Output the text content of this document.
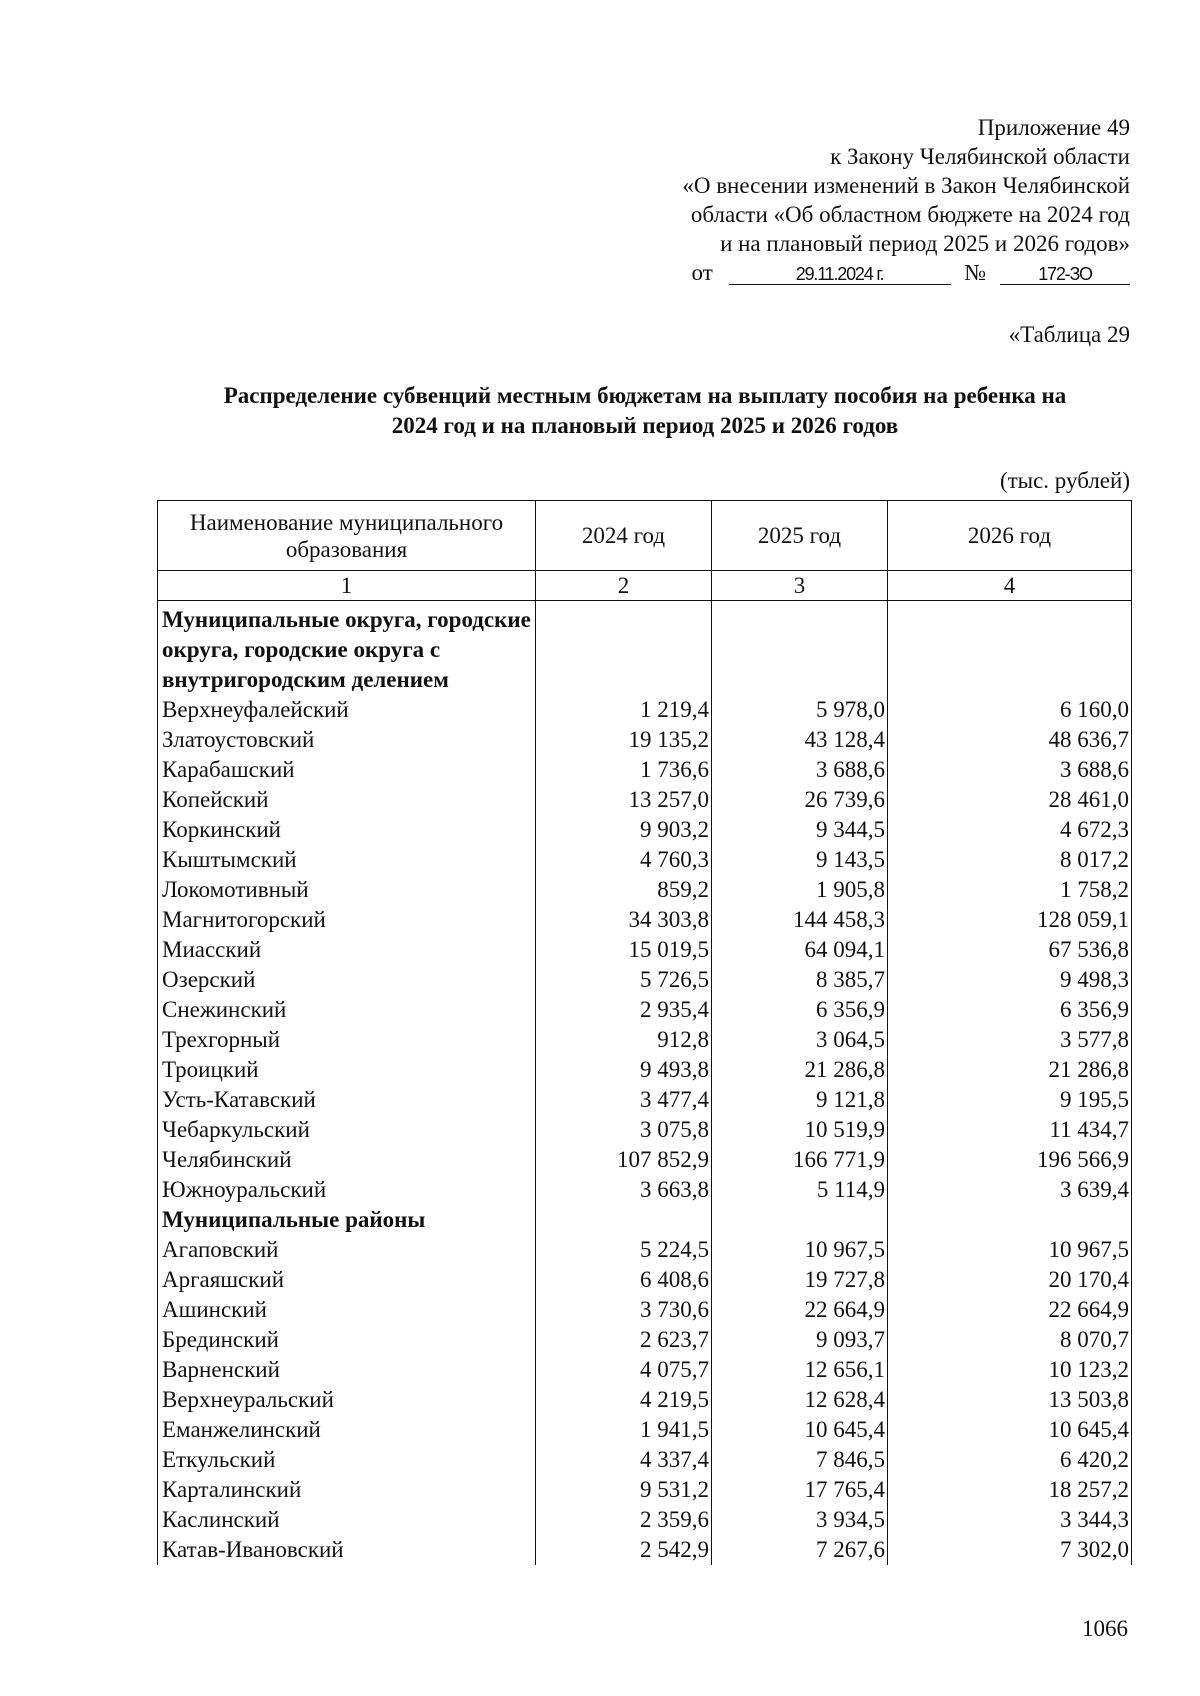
Приложение 49
к Закону Челябинской области
«О внесении изменений в Закон Челябинской
области «Об областном бюджете на 2024 год
и на плановый период 2025 и 2026 годов»
от	29.11.2024 г.	№	172-ЗО
«Таблица 29
Распределение субвенций местным бюджетам на выплату пособия на ребенка на
2024 год и на плановый период 2025 и 2026 годов
(тыс. рублей)
Наименование муниципального образования	2024 год	2025 год	2026 год
1	2	3	4

Муниципальные округа, городские округа, городские округа с внутригородским делением			
Верхнеуфалейский	1 219,4	5 978,0	6 160,0
Златоустовский	19 135,2	43 128,4	48 636,7
Карабашский	1 736,6	3 688,6	3 688,6
Копейский	13 257,0	26 739,6	28 461,0
Коркинский	9 903,2	9 344,5	4 672,3
Кыштымский	4 760,3	9 143,5	8 017,2
Локомотивный	859,2	1 905,8	1 758,2
Магнитогорский	34 303,8	144 458,3	128 059,1
Миасский	15 019,5	64 094,1	67 536,8
Озерский	5 726,5	8 385,7	9 498,3
Снежинский	2 935,4	6 356,9	6 356,9
Трехгорный	912,8	3 064,5	3 577,8
Троицкий	9 493,8	21 286,8	21 286,8
Усть-Катавский	3 477,4	9 121,8	9 195,5
Чебаркульский	3 075,8	10 519,9	11 434,7
Челябинский	107 852,9	166 771,9	196 566,9
Южноуральский	3 663,8	5 114,9	3 639,4
Муниципальные районы			
Агаповский	5 224,5	10 967,5	10 967,5
Аргаяшский	6 408,6	19 727,8	20 170,4
Ашинский	3 730,6	22 664,9	22 664,9
Брединский	2 623,7	9 093,7	8 070,7
Варненский	4 075,7	12 656,1	10 123,2
Верхнеуральский	4 219,5	12 628,4	13 503,8
Еманжелинский	1 941,5	10 645,4	10 645,4
Еткульский	4 337,4	7 846,5	6 420,2
Карталинский	9 531,2	17 765,4	18 257,2
Каслинский	2 359,6	3 934,5	3 344,3
Катав-Ивановский	2 542,9	7 267,6	7 302,0
1066
